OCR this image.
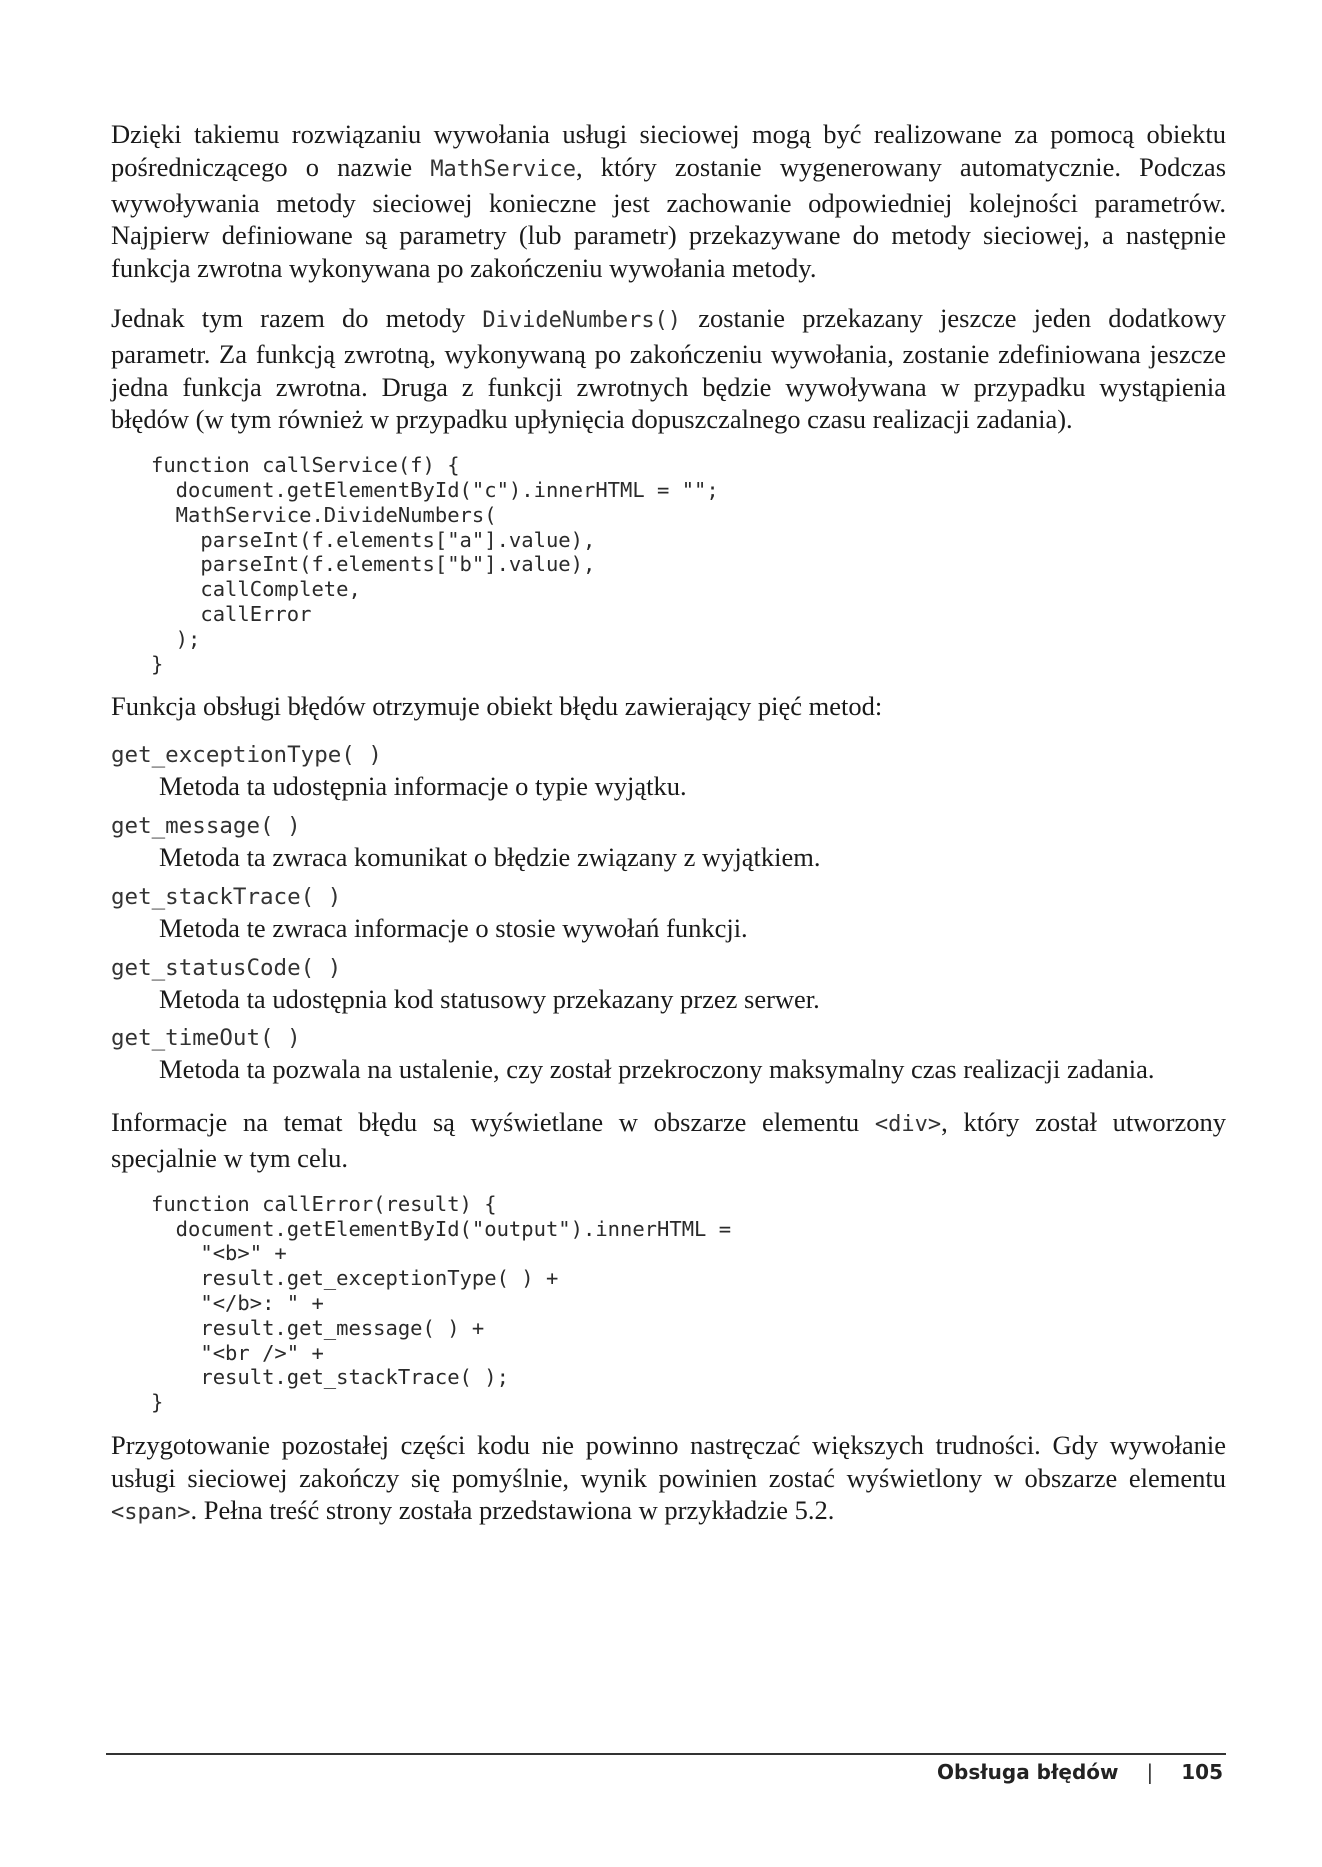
Dzięki takiemu rozwiązaniu wywołania usługi sieciowej mogą być realizowane za pomocą obiektu pośredniczącego o nazwie MathService, który zostanie wygenerowany automatycznie. Podczas wywoływania metody sieciowej konieczne jest zachowanie odpowiedniej kolejności parametrów. Najpierw definiowane są parametry (lub parametr) przekazywane do metody sieciowej, a następnie funkcja zwrotna wykonywana po zakończeniu wywołania metody.

Jednak tym razem do metody DivideNumbers() zostanie przekazany jeszcze jeden dodatkowy parametr. Za funkcją zwrotną, wykonywaną po zakończeniu wywołania, zostanie zdefiniowana jeszcze jedna funkcja zwrotna. Druga z funkcji zwrotnych będzie wywoływana w przypadku wystąpienia błędów (w tym również w przypadku upłynięcia dopuszczalnego czasu realizacji zadania).

function callService(f) {
document.getElementById("c").innerHTML = "";
MathService.DivideNumbers(
parseInt(f.elements["a"].value),
parseInt(f.elements["b"].value),
callComplete,
callError
);
}

Funkcja obsługi błędów otrzymuje obiekt błędu zawierający pięć metod:

get_exceptionType( )
Metoda ta udostępnia informacje o typie wyjątku.
get_message( )
Metoda ta zwraca komunikat o błędzie związany z wyjątkiem.
get_stackTrace( )
Metoda te zwraca informacje o stosie wywołań funkcji.
get_statusCode( )
Metoda ta udostępnia kod statusowy przekazany przez serwer.
get_timeOut( )
Metoda ta pozwala na ustalenie, czy został przekroczony maksymalny czas realizacji zadania.

Informacje na temat błędu są wyświetlane w obszarze elementu <div>, który został utworzony specjalnie w tym celu.

function callError(result) {
document.getElementById("output").innerHTML =
"<b>" +
result.get_exceptionType( ) +
"</b>: " +
result.get_message( ) +
"<br />" +
result.get_stackTrace( );
}

Przygotowanie pozostałej części kodu nie powinno nastręczać większych trudności. Gdy wywołanie usługi sieciowej zakończy się pomyślnie, wynik powinien zostać wyświetlony w obszarze elementu <span>. Pełna treść strony została przedstawiona w przykładzie 5.2.

Obsługa błędów | 105
